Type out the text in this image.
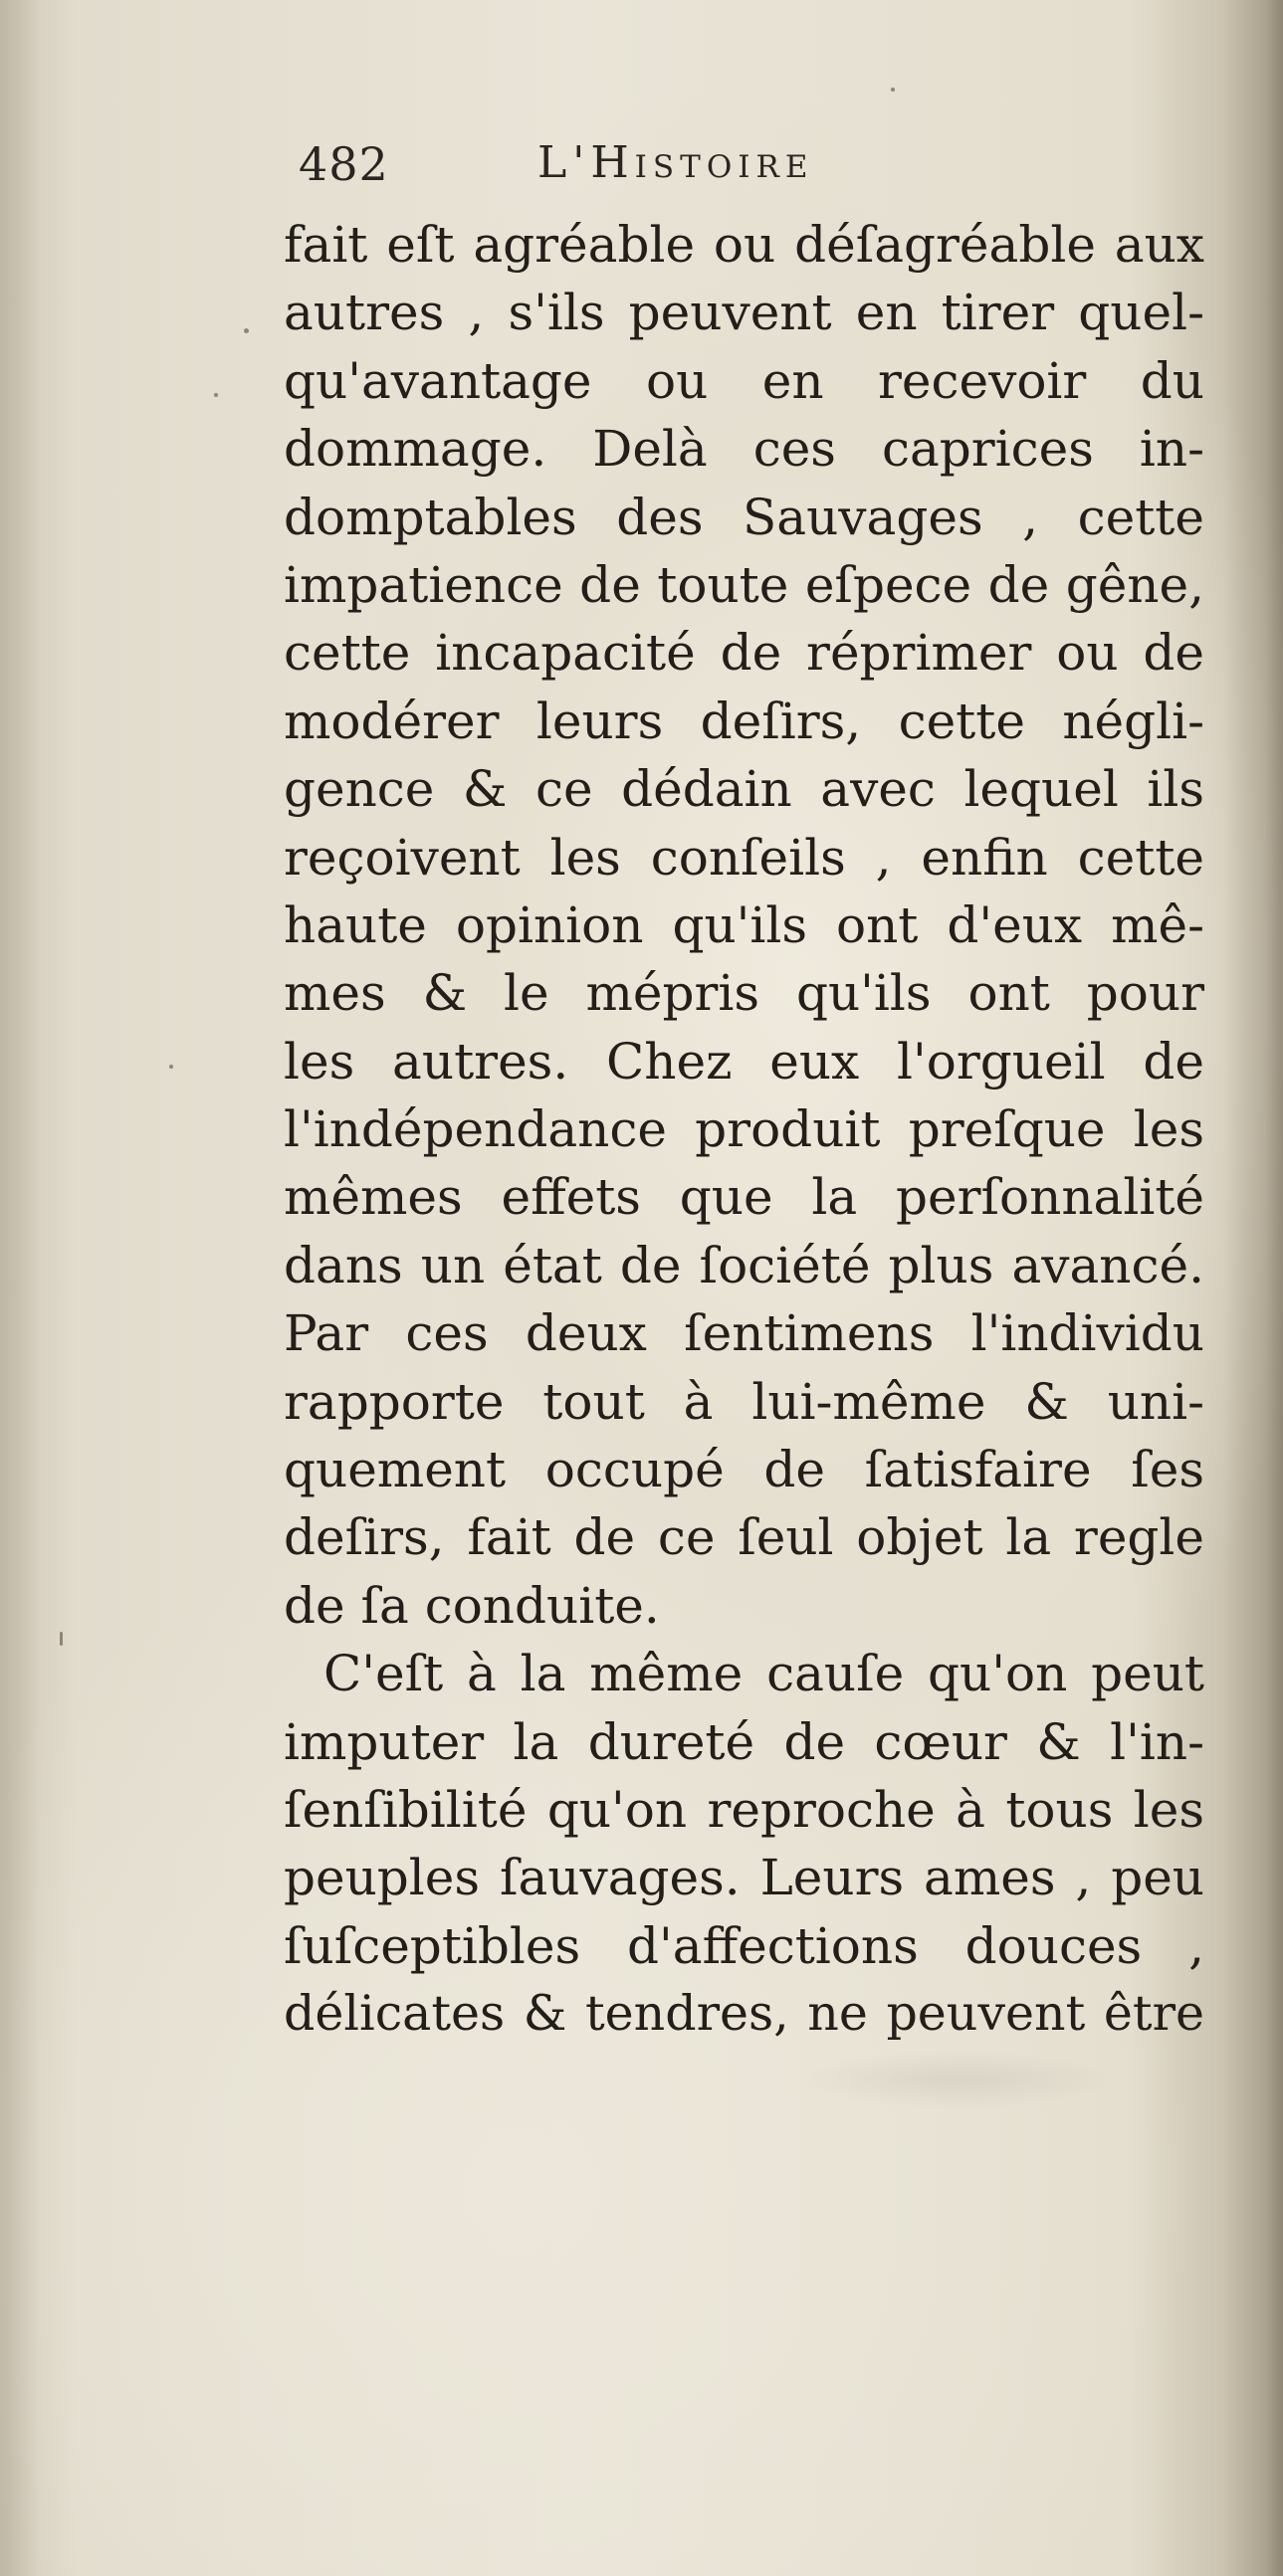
482	L'Histoire
fait eſt agréable ou déſagréable aux
autres , s'ils peuvent en tirer quel-
qu'avantage ou en recevoir du
dommage. Delà ces caprices in-
domptables des Sauvages , cette
impatience de toute eſpece de gêne,
cette incapacité de réprimer ou de
modérer leurs deſirs, cette négli-
gence & ce dédain avec lequel ils
reçoivent les conſeils , enfin cette
haute opinion qu'ils ont d'eux mê-
mes & le mépris qu'ils ont pour
les autres. Chez eux l'orgueil de
l'indépendance produit preſque les
mêmes effets que la perſonnalité
dans un état de ſociété plus avancé.
Par ces deux ſentimens l'individu
rapporte tout à lui-même & uni-
quement occupé de ſatisfaire ſes
deſirs, fait de ce ſeul objet la regle
de ſa conduite.
C'eſt à la même cauſe qu'on peut
imputer la dureté de cœur & l'in-
ſenſibilité qu'on reproche à tous les
peuples ſauvages. Leurs ames , peu
ſuſceptibles d'affections douces ,
délicates & tendres, ne peuvent être
